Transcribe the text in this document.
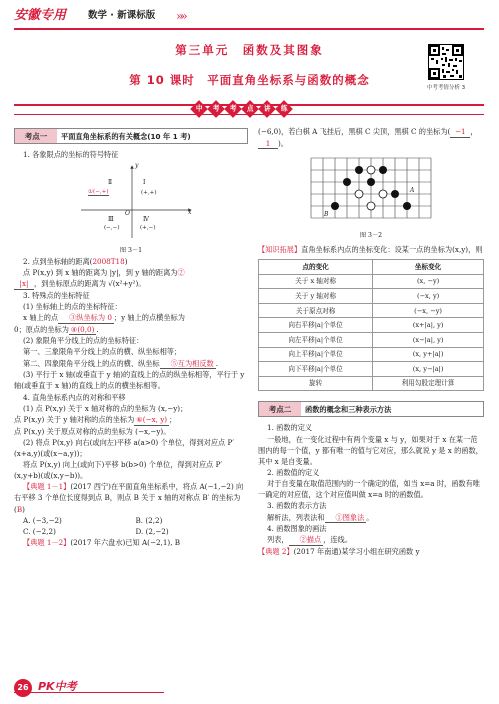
安徽专用 数学 · 新课标版 »»
第三单元　函数及其图象
第 10 课时　平面直角坐标系与函数的概念
中考考情分析 3
中	考	考	点	讲	练
考点一	平面直角坐标系的有关概念(10 年 1 考)

1. 各象限点的坐标的符号特征

y
x
O
Ⅱ
①(−,+)
Ⅰ
(+,+)
Ⅲ
(−,−)
Ⅳ
(+,−)
图 3－1

2. 点到坐标轴的距离(2008T18)

点 P(x,y) 到 x 轴的距离为 |y|，到 y 轴的距离为②

|x| ，到坐标原点的距离为 √(x²+y²)。

3. 特殊点的坐标特征

(1) 坐标轴上的点的坐标特征：

x 轴上的点 ③纵坐标为 0 ；y 轴上的点横坐标为

0；原点的坐标为 ④(0,0) .

(2) 象限角平分线上的点的坐标特征：

第一、三象限角平分线上的点的横、纵坐标相等；

第二、四象限角平分线上的点的横、纵坐标 ⑤互为相反数 .

(3) 平行于 x 轴(或垂直于 y 轴)的直线上的点的纵坐标相等，平行于 y 轴(或垂直于 x 轴)的直线上的点的横坐标相等。

4. 直角坐标系内点的对称和平移

(1) 点 P(x,y) 关于 x 轴对称的点的坐标为 (x,−y)；

点 P(x,y) 关于 y 轴对称的点的坐标为 ⑥(−x, y) ；

点 P(x,y) 关于原点对称的点的坐标为 (−x,−y)。

(2) 将点 P(x,y) 向右(或向左)平移 a(a>0) 个单位，得到对应点 P′(x+a,y)(或(x−a,y))；

将点 P(x,y) 向上(或向下)平移 b(b>0) 个单位，得到对应点 P′(x,y+b)(或(x,y−b))。

【典题 1－1】(2017 西宁)在平面直角坐标系中，将点 A(−1,−2) 向右平移 3 个单位长度得到点 B，则点 B 关于 x 轴的对称点 B′ 的坐标为 (B)

A. (−3,−2)	B. (2,2)
C. (−2,2)	D. (2,−2)

【典题 1－2】(2017 年六盘水)已知 A(−2,1), B

(−6,0)，若白棋 A 飞挂后，黑棋 C 尖顶，黑棋 C 的坐标为( −1 ，1 )。

A
B
图 3－2

【知识拓展】直角坐标系内点的坐标变化：设某一点的坐标为(x,y)，则

点的变化	坐标变化
关于 x 轴对称	(x, −y)
关于 y 轴对称	(−x, y)
关于原点对称	(−x, −y)
向右平移|a|个单位	(x+|a|, y)
向左平移|a|个单位	(x−|a|, y)
向上平移|a|个单位	(x, y+|a|)
向下平移|a|个单位	(x, y−|a|)
旋转	利用勾股定理计算
考点二	函数的概念和三种表示方法

1. 函数的定义

一般地，在一变化过程中有两个变量 x 与 y，如果对于 x 在某一范围内的每一个值，y 都有唯一的值与它对应，那么就说 y 是 x 的函数，其中 x 是自变量。

2. 函数值的定义

对于自变量在取值范围内的一个确定的值，如当 x=a 时，函数有唯一确定的对应值，这个对应值叫做 x=a 时的函数值。

3. 函数的表示方法

解析法，列表法和 ①图象法 。

4. 函数图象的画法

列表， ②描点 ，连线。

【典题 2】(2017 年南通)某学习小组在研究函数 y

26 PK中考
